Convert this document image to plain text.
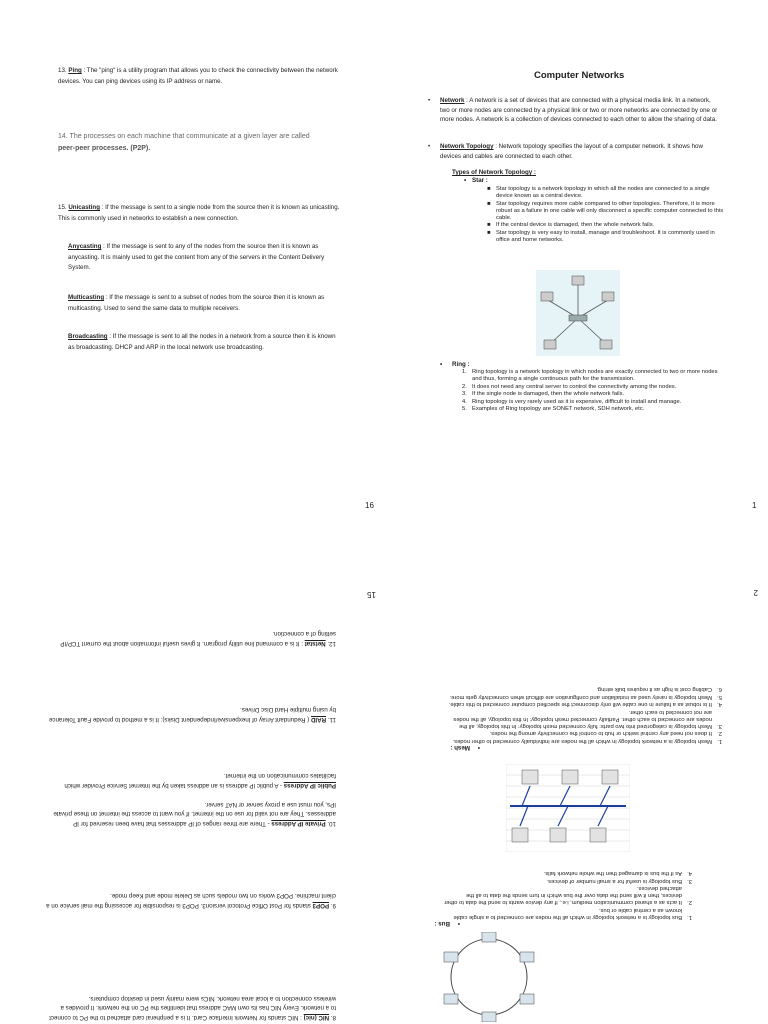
13. Ping : The "ping" is a utility program that allows you to check the connectivity between the network devices. You can ping devices using its IP address or name.
14. The processes on each machine that communicate at a given layer are called
peer-peer processes. (P2P).
15. Unicasting : If the message is sent to a single node from the source then it is known as unicasting. This is commonly used in networks to establish a new connection.
Anycasting : If the message is sent to any of the nodes from the source then it is known as anycasting. It is mainly used to get the content from any of the servers in the Content Delivery System.
Multicasting : If the message is sent to a subset of nodes from the source then it is known as multicasting. Used to send the same data to multiple receivers.
Broadcasting : If the message is sent to all the nodes in a network from a source then it is known as broadcasting. DHCP and ARP in the local network use broadcasting.
16
Computer Networks
• Network : A network is a set of devices that are connected with a physical media link. In a network, two or more nodes are connected by a physical link or two or more networks are connected by one or more nodes. A network is a collection of devices connected to each other to allow the sharing of data.
• Network Topology : Network topology specifies the layout of a computer network. It shows how devices and cables are connected to each other.
Types of Network Topology :
• Star :
■ Star topology is a network topology in which all the nodes are connected to a single device known as a central device.
■ Star topology requires more cable compared to other topologies. Therefore, it is more robust as a failure in one cable will only disconnect a specific computer connected to this cable.
■ If the central device is damaged, then the whole network fails.
■ Star topology is very easy to install, manage and troubleshoot. It is commonly used in office and home networks.
• Ring :
1. Ring topology is a network topology in which nodes are exactly connected to two or more nodes and thus, forming a single continuous path for the transmission.
2. It does not need any central server to control the connectivity among the nodes.
3. If the single node is damaged, then the whole network fails.
4. Ring topology is very rarely used as it is expensive, difficult to install and manage.
5. Examples of Ring topology are SONET network, SDH network, etc.
1
15
8. NIC (nic) : NIC stands for Network Interface Card. It is a peripheral card attached to the PC to connect to a network. Every NIC has its own MAC address that identifies the PC on the network. It provides a wireless connection to a local area network. NICs were mainly used in desktop computers.
9. POP3 stands for Post Office Protocol version3. POP3 is responsible for accessing the mail service on a client machine. POP3 works on two models such as Delete mode and Keep mode.
10. Private IP Address - There are three ranges of IP addresses that have been reserved for IP addresses. They are not valid for use on the internet. If you want to access the internet on these private IPs, you must use a proxy server or NAT server.

Public IP Address - A public IP address is an address taken by the Internet Service Provider which facilitates communication on the internet.
11. RAID ( Redundant Array of Inexpensive/Independent Disks): It is a method to provide Fault Tolerance by using multiple Hard Disc Drives.
12. Netstat : It is a command line utility program. It gives useful information about the current TCP/IP setting of a connection.
2
•
Bus :
1.
Bus topology is a network topology in which all the nodes are connected to a single cable known as a central cable or bus.
2.
It acts as a shared communication medium, i.e., if any device wants to send the data to other devices, then it will send the data over the bus which in turn sends the data to all the attached devices.
3.
Bus topology is useful for a small number of devices.
4.
As if the bus is damaged then the whole network fails.
•
Mesh :
1.
Mesh topology is a network topology in which all the nodes are individually connected to other nodes.
2.
It does not need any central switch or hub to control the connectivity among the nodes.
3.
Mesh topology is categorized into two parts: fully connected mesh topology: In this topology, all the nodes are connected to each other. Partially connected mesh topology: In this topology, all the nodes are not connected to each other.
4.
It is robust as a failure in one cable will only disconnect the specified computer connected to this cable.
5.
Mesh topology is rarely used as installation and configuration are difficult when connectivity gets more.
6.
Cabling cost is high as it requires bulk wiring.
